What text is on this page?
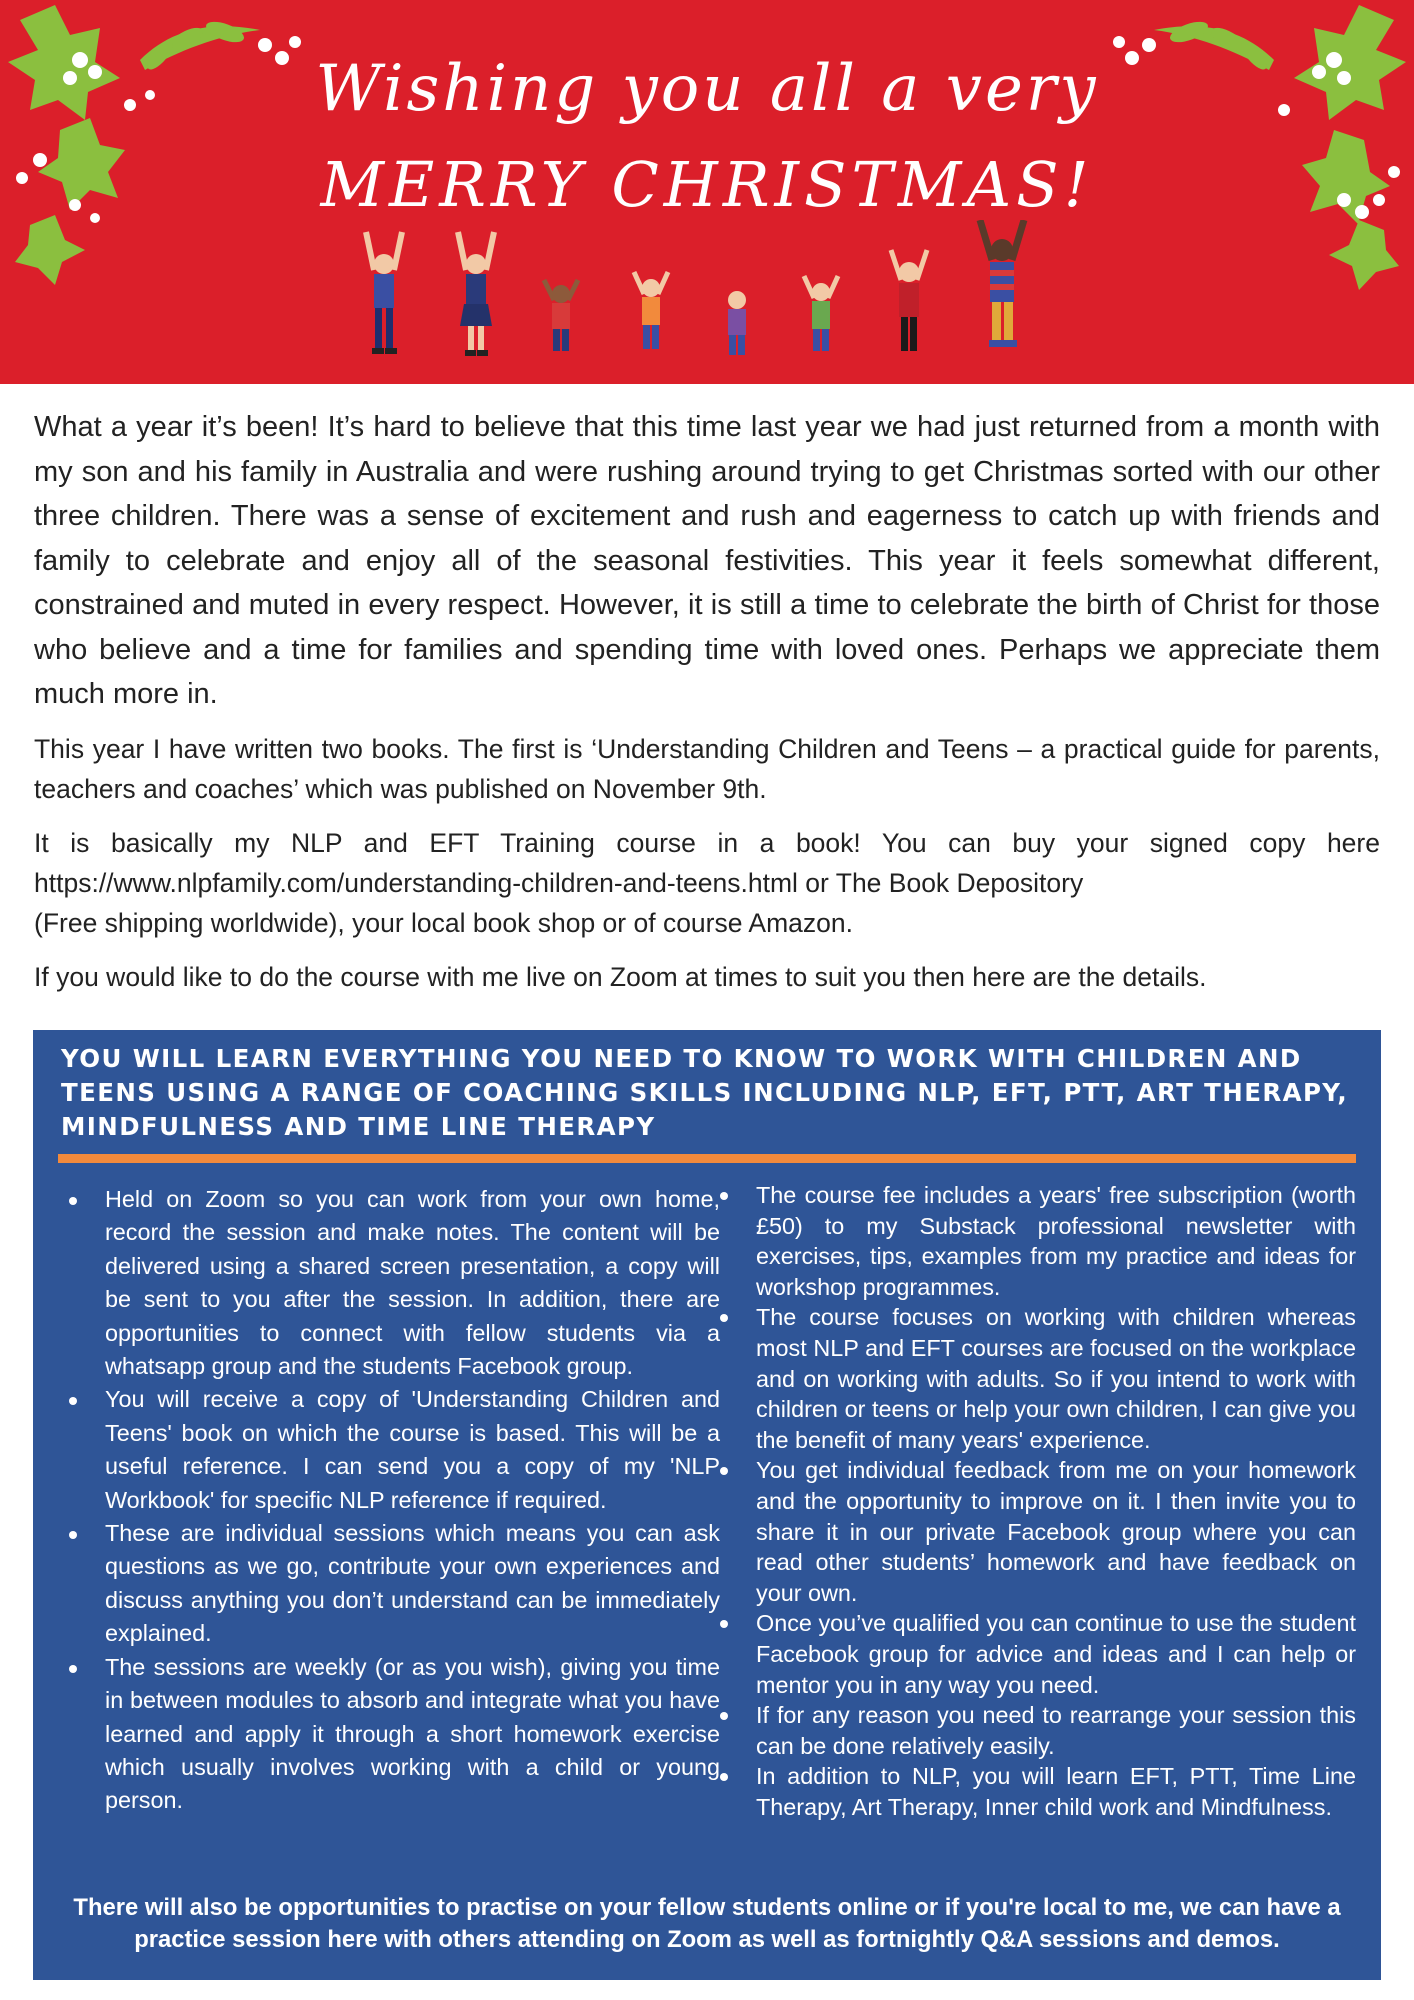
Wishing you all a very
MERRY CHRISTMAS!

What a year it’s been! It’s hard to believe that this time last year we had just returned from a month with my son and his family in Australia and were rushing around trying to get Christmas sorted with our other three children. There was a sense of excitement and rush and eagerness to catch up with friends and family to celebrate and enjoy all of the seasonal festivities. This year it feels somewhat different, constrained and muted in every respect. However, it is still a time to celebrate the birth of Christ for those who believe and a time for families and spending time with loved ones. Perhaps we appreciate them much more in.

This year I have written two books. The first is ‘Understanding Children and Teens – a practical guide for parents, teachers and coaches’ which was published on November 9th.

It is basically my NLP and EFT Training course in a book! You can buy your signed copy here
https://www.nlpfamily.com/understanding-children-and-teens.html or The Book Depository
(Free shipping worldwide), your local book shop or of course Amazon.

If you would like to do the course with me live on Zoom at times to suit you then here are the details.

YOU WILL LEARN EVERYTHING YOU NEED TO KNOW TO WORK WITH CHILDREN AND TEENS USING A RANGE OF COACHING SKILLS INCLUDING NLP, EFT, PTT, ART THERAPY, MINDFULNESS AND TIME LINE THERAPY
Held on Zoom so you can work from your own home, record the session and make notes. The content will be delivered using a shared screen presentation, a copy will be sent to you after the session. In addition, there are opportunities to connect with fellow students via a whatsapp group and the students Facebook group.
You will receive a copy of 'Understanding Children and Teens' book on which the course is based. This will be a useful reference. I can send you a copy of my 'NLP Workbook' for specific NLP reference if required.
These are individual sessions which means you can ask questions as we go, contribute your own experiences and discuss anything you don’t understand can be immediately explained.
The sessions are weekly (or as you wish), giving you time in between modules to absorb and integrate what you have learned and apply it through a short homework exercise which usually involves working with a child or young person.
The course fee includes a years' free subscription (worth £50) to my Substack professional newsletter with exercises, tips, examples from my practice and ideas for workshop programmes.
The course focuses on working with children whereas most NLP and EFT courses are focused on the workplace and on working with adults. So if you intend to work with children or teens or help your own children, I can give you the benefit of many years' experience.
You get individual feedback from me on your homework and the opportunity to improve on it. I then invite you to share it in our private Facebook group where you can read other students’ homework and have feedback on your own.
Once you’ve qualified you can continue to use the student Facebook group for advice and ideas and I can help or mentor you in any way you need.
If for any reason you need to rearrange your session this can be done relatively easily.
In addition to NLP, you will learn EFT, PTT, Time Line Therapy, Art Therapy, Inner child work and Mindfulness.
There will also be opportunities to practise on your fellow students online or if you're local to me, we can have a practice session here with others attending on Zoom as well as fortnightly Q&A sessions and demos.
